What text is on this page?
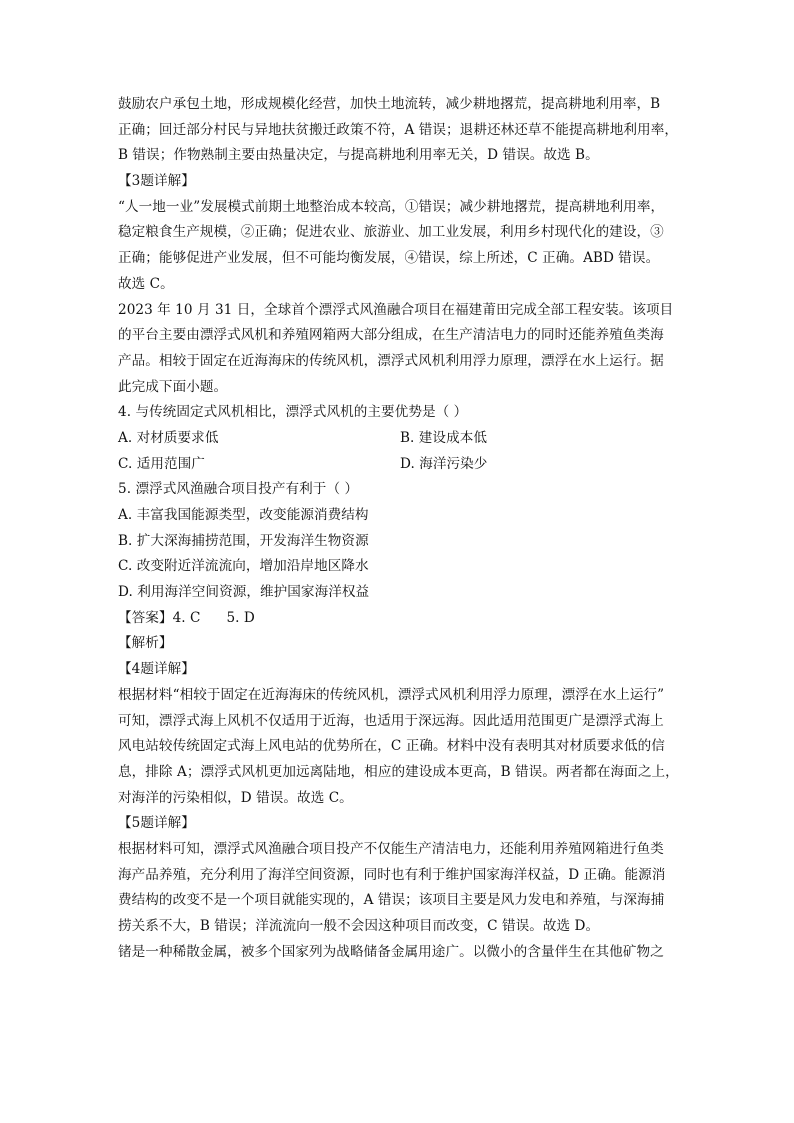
鼓励农户承包土地，形成规模化经营，加快土地流转，减少耕地撂荒，提高耕地利用率，B
正确；回迁部分村民与异地扶贫搬迁政策不符，A 错误；退耕还林还草不能提高耕地利用率，
B 错误；作物熟制主要由热量决定，与提高耕地利用率无关，D 错误。故选 B。
【3题详解】
“人一地一业”发展模式前期土地整治成本较高，①错误；减少耕地撂荒，提高耕地利用率，
稳定粮食生产规模，②正确；促进农业、旅游业、加工业发展，利用乡村现代化的建设，③
正确；能够促进产业发展，但不可能均衡发展，④错误，综上所述，C 正确。ABD 错误。
故选 C。
2023 年 10 月 31 日，全球首个漂浮式风渔融合项目在福建莆田完成全部工程安装。该项目
的平台主要由漂浮式风机和养殖网箱两大部分组成，在生产清洁电力的同时还能养殖鱼类海
产品。相较于固定在近海海床的传统风机，漂浮式风机利用浮力原理，漂浮在水上运行。据
此完成下面小题。
4. 与传统固定式风机相比，漂浮式风机的主要优势是（ ）
A. 对材质要求低	B. 建设成本低
C. 适用范围广	D. 海洋污染少
5. 漂浮式风渔融合项目投产有利于（ ）
A. 丰富我国能源类型，改变能源消费结构
B. 扩大深海捕捞范围，开发海洋生物资源
C. 改变附近洋流流向，增加沿岸地区降水
D. 利用海洋空间资源，维护国家海洋权益
【答案】4. C 5. D
【解析】
【4题详解】
根据材料“相较于固定在近海海床的传统风机，漂浮式风机利用浮力原理，漂浮在水上运行”
可知，漂浮式海上风机不仅适用于近海，也适用于深远海。因此适用范围更广是漂浮式海上
风电站较传统固定式海上风电站的优势所在，C 正确。材料中没有表明其对材质要求低的信
息，排除 A；漂浮式风机更加远离陆地，相应的建设成本更高，B 错误。两者都在海面之上，
对海洋的污染相似，D 错误。故选 C。
【5题详解】
根据材料可知，漂浮式风渔融合项目投产不仅能生产清洁电力，还能利用养殖网箱进行鱼类
海产品养殖，充分利用了海洋空间资源，同时也有利于维护国家海洋权益，D 正确。能源消
费结构的改变不是一个项目就能实现的，A 错误；该项目主要是风力发电和养殖，与深海捕
捞关系不大，B 错误；洋流流向一般不会因这种项目而改变，C 错误。故选 D。
锗是一种稀散金属，被多个国家列为战略储备金属用途广。以微小的含量伴生在其他矿物之
